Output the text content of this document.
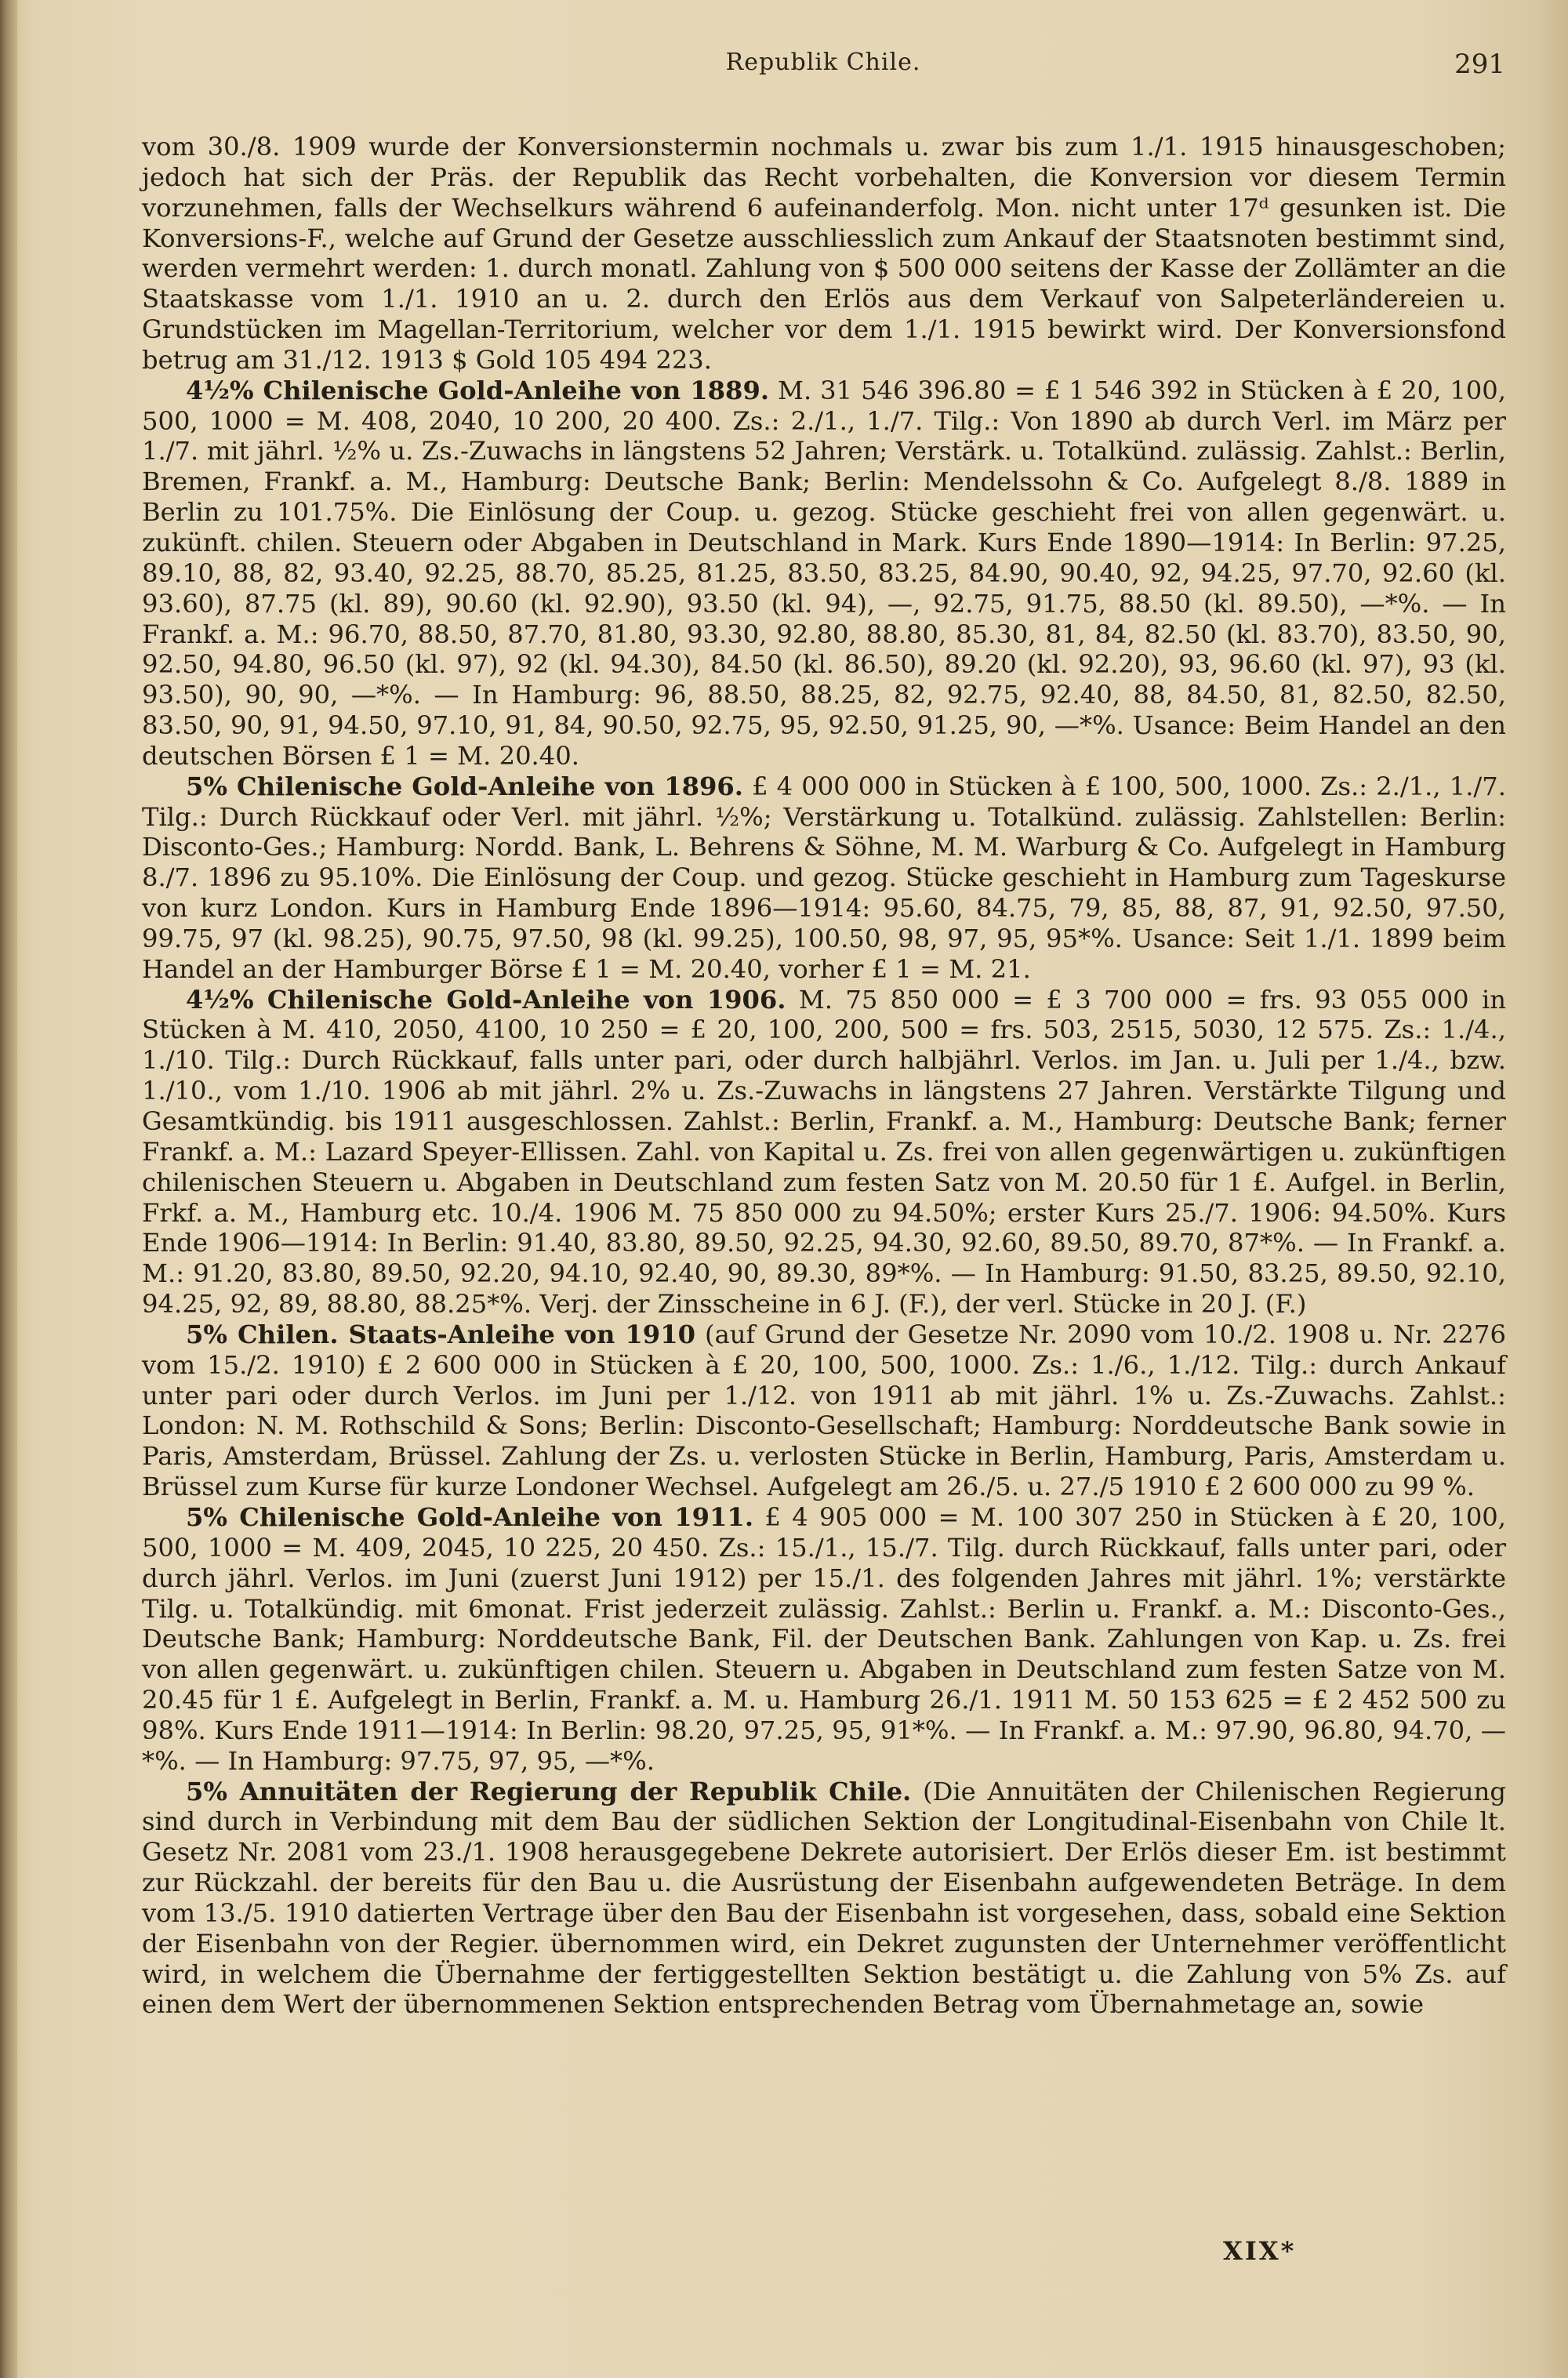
Republik Chile.	291

vom 30./8. 1909 wurde der Konversionstermin nochmals u. zwar bis zum 1./1. 1915 hinausgeschoben; jedoch hat sich der Präs. der Republik das Recht vorbehalten, die Konversion vor diesem Termin vorzunehmen, falls der Wechselkurs während 6 aufeinanderfolg. Mon. nicht unter 17ᵈ gesunken ist. Die Konversions-F., welche auf Grund der Gesetze ausschliesslich zum Ankauf der Staatsnoten bestimmt sind, werden vermehrt werden: 1. durch monatl. Zahlung von $ 500 000 seitens der Kasse der Zollämter an die Staatskasse vom 1./1. 1910 an u. 2. durch den Erlös aus dem Verkauf von Salpeterländereien u. Grundstücken im Magellan-Territorium, welcher vor dem 1./1. 1915 bewirkt wird. Der Konversionsfond betrug am 31./12. 1913 $ Gold 105 494 223.

4½% Chilenische Gold-Anleihe von 1889. M. 31 546 396.80 = £ 1 546 392 in Stücken à £ 20, 100, 500, 1000 = M. 408, 2040, 10 200, 20 400. Zs.: 2./1., 1./7. Tilg.: Von 1890 ab durch Verl. im März per 1./7. mit jährl. ½% u. Zs.-Zuwachs in längstens 52 Jahren; Verstärk. u. Totalkünd. zulässig. Zahlst.: Berlin, Bremen, Frankf. a. M., Hamburg: Deutsche Bank; Berlin: Mendelssohn & Co. Aufgelegt 8./8. 1889 in Berlin zu 101.75%. Die Einlösung der Coup. u. gezog. Stücke geschieht frei von allen gegenwärt. u. zukünft. chilen. Steuern oder Abgaben in Deutschland in Mark. Kurs Ende 1890—1914: In Berlin: 97.25, 89.10, 88, 82, 93.40, 92.25, 88.70, 85.25, 81.25, 83.50, 83.25, 84.90, 90.40, 92, 94.25, 97.70, 92.60 (kl. 93.60), 87.75 (kl. 89), 90.60 (kl. 92.90), 93.50 (kl. 94), —, 92.75, 91.75, 88.50 (kl. 89.50), —*%. — In Frankf. a. M.: 96.70, 88.50, 87.70, 81.80, 93.30, 92.80, 88.80, 85.30, 81, 84, 82.50 (kl. 83.70), 83.50, 90, 92.50, 94.80, 96.50 (kl. 97), 92 (kl. 94.30), 84.50 (kl. 86.50), 89.20 (kl. 92.20), 93, 96.60 (kl. 97), 93 (kl. 93.50), 90, 90, —*%. — In Hamburg: 96, 88.50, 88.25, 82, 92.75, 92.40, 88, 84.50, 81, 82.50, 82.50, 83.50, 90, 91, 94.50, 97.10, 91, 84, 90.50, 92.75, 95, 92.50, 91.25, 90, —*%. Usance: Beim Handel an den deutschen Börsen £ 1 = M. 20.40.

5% Chilenische Gold-Anleihe von 1896. £ 4 000 000 in Stücken à £ 100, 500, 1000. Zs.: 2./1., 1./7. Tilg.: Durch Rückkauf oder Verl. mit jährl. ½%; Verstärkung u. Totalkünd. zulässig. Zahlstellen: Berlin: Disconto-Ges.; Hamburg: Nordd. Bank, L. Behrens & Söhne, M. M. Warburg & Co. Aufgelegt in Hamburg 8./7. 1896 zu 95.10%. Die Einlösung der Coup. und gezog. Stücke geschieht in Hamburg zum Tageskurse von kurz London. Kurs in Hamburg Ende 1896—1914: 95.60, 84.75, 79, 85, 88, 87, 91, 92.50, 97.50, 99.75, 97 (kl. 98.25), 90.75, 97.50, 98 (kl. 99.25), 100.50, 98, 97, 95, 95*%. Usance: Seit 1./1. 1899 beim Handel an der Hamburger Börse £ 1 = M. 20.40, vorher £ 1 = M. 21.

4½% Chilenische Gold-Anleihe von 1906. M. 75 850 000 = £ 3 700 000 = frs. 93 055 000 in Stücken à M. 410, 2050, 4100, 10 250 = £ 20, 100, 200, 500 = frs. 503, 2515, 5030, 12 575. Zs.: 1./4., 1./10. Tilg.: Durch Rückkauf, falls unter pari, oder durch halbjährl. Verlos. im Jan. u. Juli per 1./4., bzw. 1./10., vom 1./10. 1906 ab mit jährl. 2% u. Zs.-Zuwachs in längstens 27 Jahren. Verstärkte Tilgung und Gesamtkündig. bis 1911 ausgeschlossen. Zahlst.: Berlin, Frankf. a. M., Hamburg: Deutsche Bank; ferner Frankf. a. M.: Lazard Speyer-Ellissen. Zahl. von Kapital u. Zs. frei von allen gegenwärtigen u. zukünftigen chilenischen Steuern u. Abgaben in Deutschland zum festen Satz von M. 20.50 für 1 £. Aufgel. in Berlin, Frkf. a. M., Hamburg etc. 10./4. 1906 M. 75 850 000 zu 94.50%; erster Kurs 25./7. 1906: 94.50%. Kurs Ende 1906—1914: In Berlin: 91.40, 83.80, 89.50, 92.25, 94.30, 92.60, 89.50, 89.70, 87*%. — In Frankf. a. M.: 91.20, 83.80, 89.50, 92.20, 94.10, 92.40, 90, 89.30, 89*%. — In Hamburg: 91.50, 83.25, 89.50, 92.10, 94.25, 92, 89, 88.80, 88.25*%. Verj. der Zinsscheine in 6 J. (F.), der verl. Stücke in 20 J. (F.)

5% Chilen. Staats-Anleihe von 1910 (auf Grund der Gesetze Nr. 2090 vom 10./2. 1908 u. Nr. 2276 vom 15./2. 1910) £ 2 600 000 in Stücken à £ 20, 100, 500, 1000. Zs.: 1./6., 1./12. Tilg.: durch Ankauf unter pari oder durch Verlos. im Juni per 1./12. von 1911 ab mit jährl. 1% u. Zs.-Zuwachs. Zahlst.: London: N. M. Rothschild & Sons; Berlin: Disconto-Gesellschaft; Hamburg: Norddeutsche Bank sowie in Paris, Amsterdam, Brüssel. Zahlung der Zs. u. verlosten Stücke in Berlin, Hamburg, Paris, Amsterdam u. Brüssel zum Kurse für kurze Londoner Wechsel. Aufgelegt am 26./5. u. 27./5 1910 £ 2 600 000 zu 99 %.

5% Chilenische Gold-Anleihe von 1911. £ 4 905 000 = M. 100 307 250 in Stücken à £ 20, 100, 500, 1000 = M. 409, 2045, 10 225, 20 450. Zs.: 15./1., 15./7. Tilg. durch Rückkauf, falls unter pari, oder durch jährl. Verlos. im Juni (zuerst Juni 1912) per 15./1. des folgenden Jahres mit jährl. 1%; verstärkte Tilg. u. Totalkündig. mit 6monat. Frist jederzeit zulässig. Zahlst.: Berlin u. Frankf. a. M.: Disconto-Ges., Deutsche Bank; Hamburg: Norddeutsche Bank, Fil. der Deutschen Bank. Zahlungen von Kap. u. Zs. frei von allen gegenwärt. u. zukünftigen chilen. Steuern u. Abgaben in Deutschland zum festen Satze von M. 20.45 für 1 £. Aufgelegt in Berlin, Frankf. a. M. u. Hamburg 26./1. 1911 M. 50 153 625 = £ 2 452 500 zu 98%. Kurs Ende 1911—1914: In Berlin: 98.20, 97.25, 95, 91*%. — In Frankf. a. M.: 97.90, 96.80, 94.70, —*%. — In Hamburg: 97.75, 97, 95, —*%.

5% Annuitäten der Regierung der Republik Chile. (Die Annuitäten der Chilenischen Regierung sind durch in Verbindung mit dem Bau der südlichen Sektion der Longitudinal-Eisenbahn von Chile lt. Gesetz Nr. 2081 vom 23./1. 1908 herausgegebene Dekrete autorisiert. Der Erlös dieser Em. ist bestimmt zur Rückzahl. der bereits für den Bau u. die Ausrüstung der Eisenbahn aufgewendeten Beträge. In dem vom 13./5. 1910 datierten Vertrage über den Bau der Eisenbahn ist vorgesehen, dass, sobald eine Sektion der Eisenbahn von der Regier. übernommen wird, ein Dekret zugunsten der Unternehmer veröffentlicht wird, in welchem die Übernahme der fertiggestellten Sektion bestätigt u. die Zahlung von 5% Zs. auf einen dem Wert der übernommenen Sektion entsprechenden Betrag vom Übernahmetage an, sowie

XIX*
